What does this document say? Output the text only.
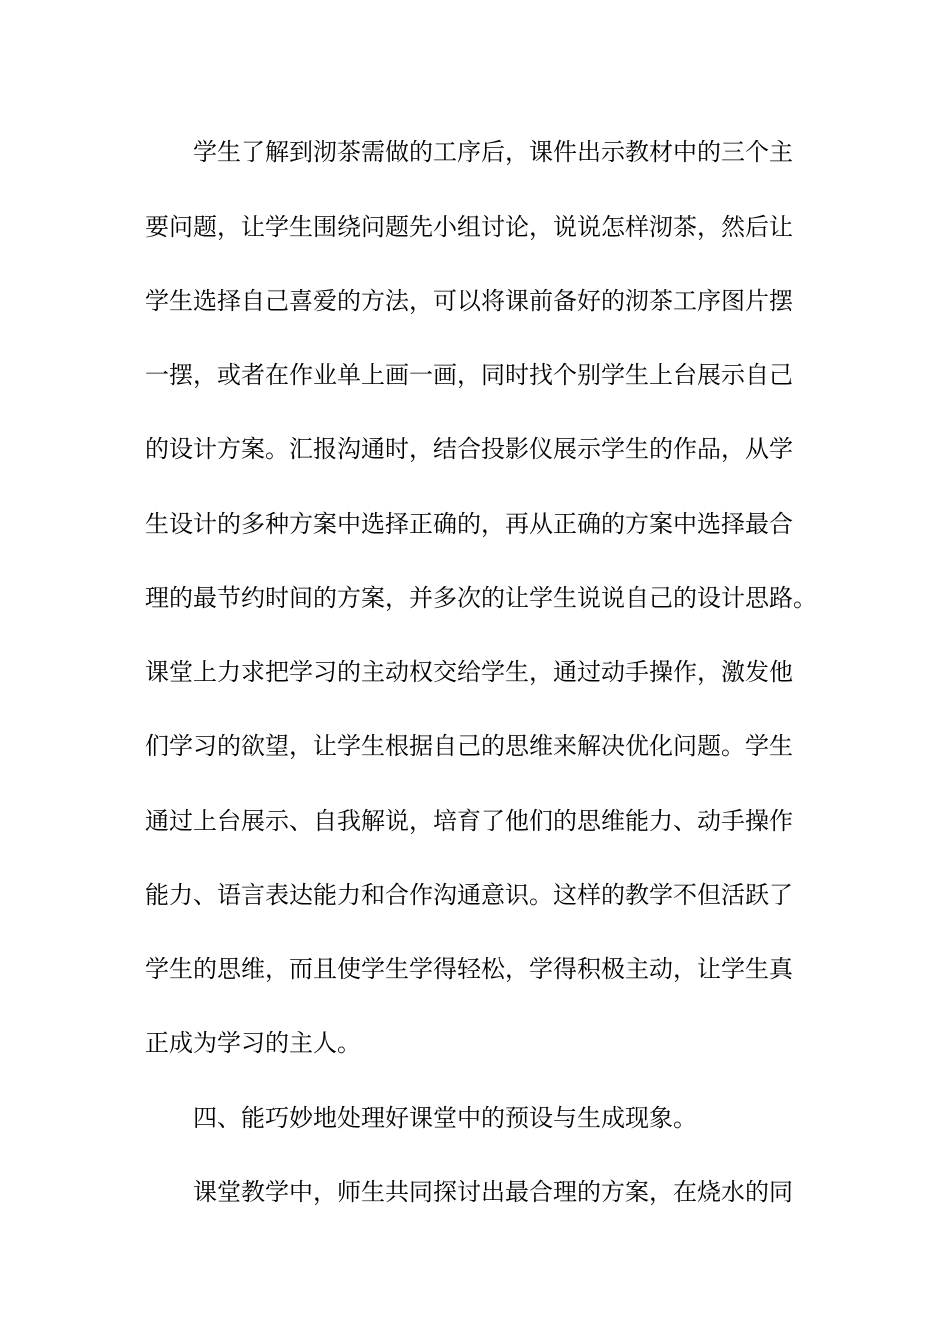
学生了解到沏茶需做的工序后，课件出示教材中的三个主

要问题，让学生围绕问题先小组讨论，说说怎样沏茶，然后让

学生选择自己喜爱的方法，可以将课前备好的沏茶工序图片摆

一摆，或者在作业单上画一画，同时找个别学生上台展示自己

的设计方案。汇报沟通时，结合投影仪展示学生的作品，从学

生设计的多种方案中选择正确的，再从正确的方案中选择最合

理的最节约时间的方案，并多次的让学生说说自己的设计思路。

课堂上力求把学习的主动权交给学生，通过动手操作，激发他

们学习的欲望，让学生根据自己的思维来解决优化问题。学生

通过上台展示、自我解说，培育了他们的思维能力、动手操作

能力、语言表达能力和合作沟通意识。这样的教学不但活跃了

学生的思维，而且使学生学得轻松，学得积极主动，让学生真

正成为学习的主人。

四、能巧妙地处理好课堂中的预设与生成现象。

课堂教学中，师生共同探讨出最合理的方案，在烧水的同
